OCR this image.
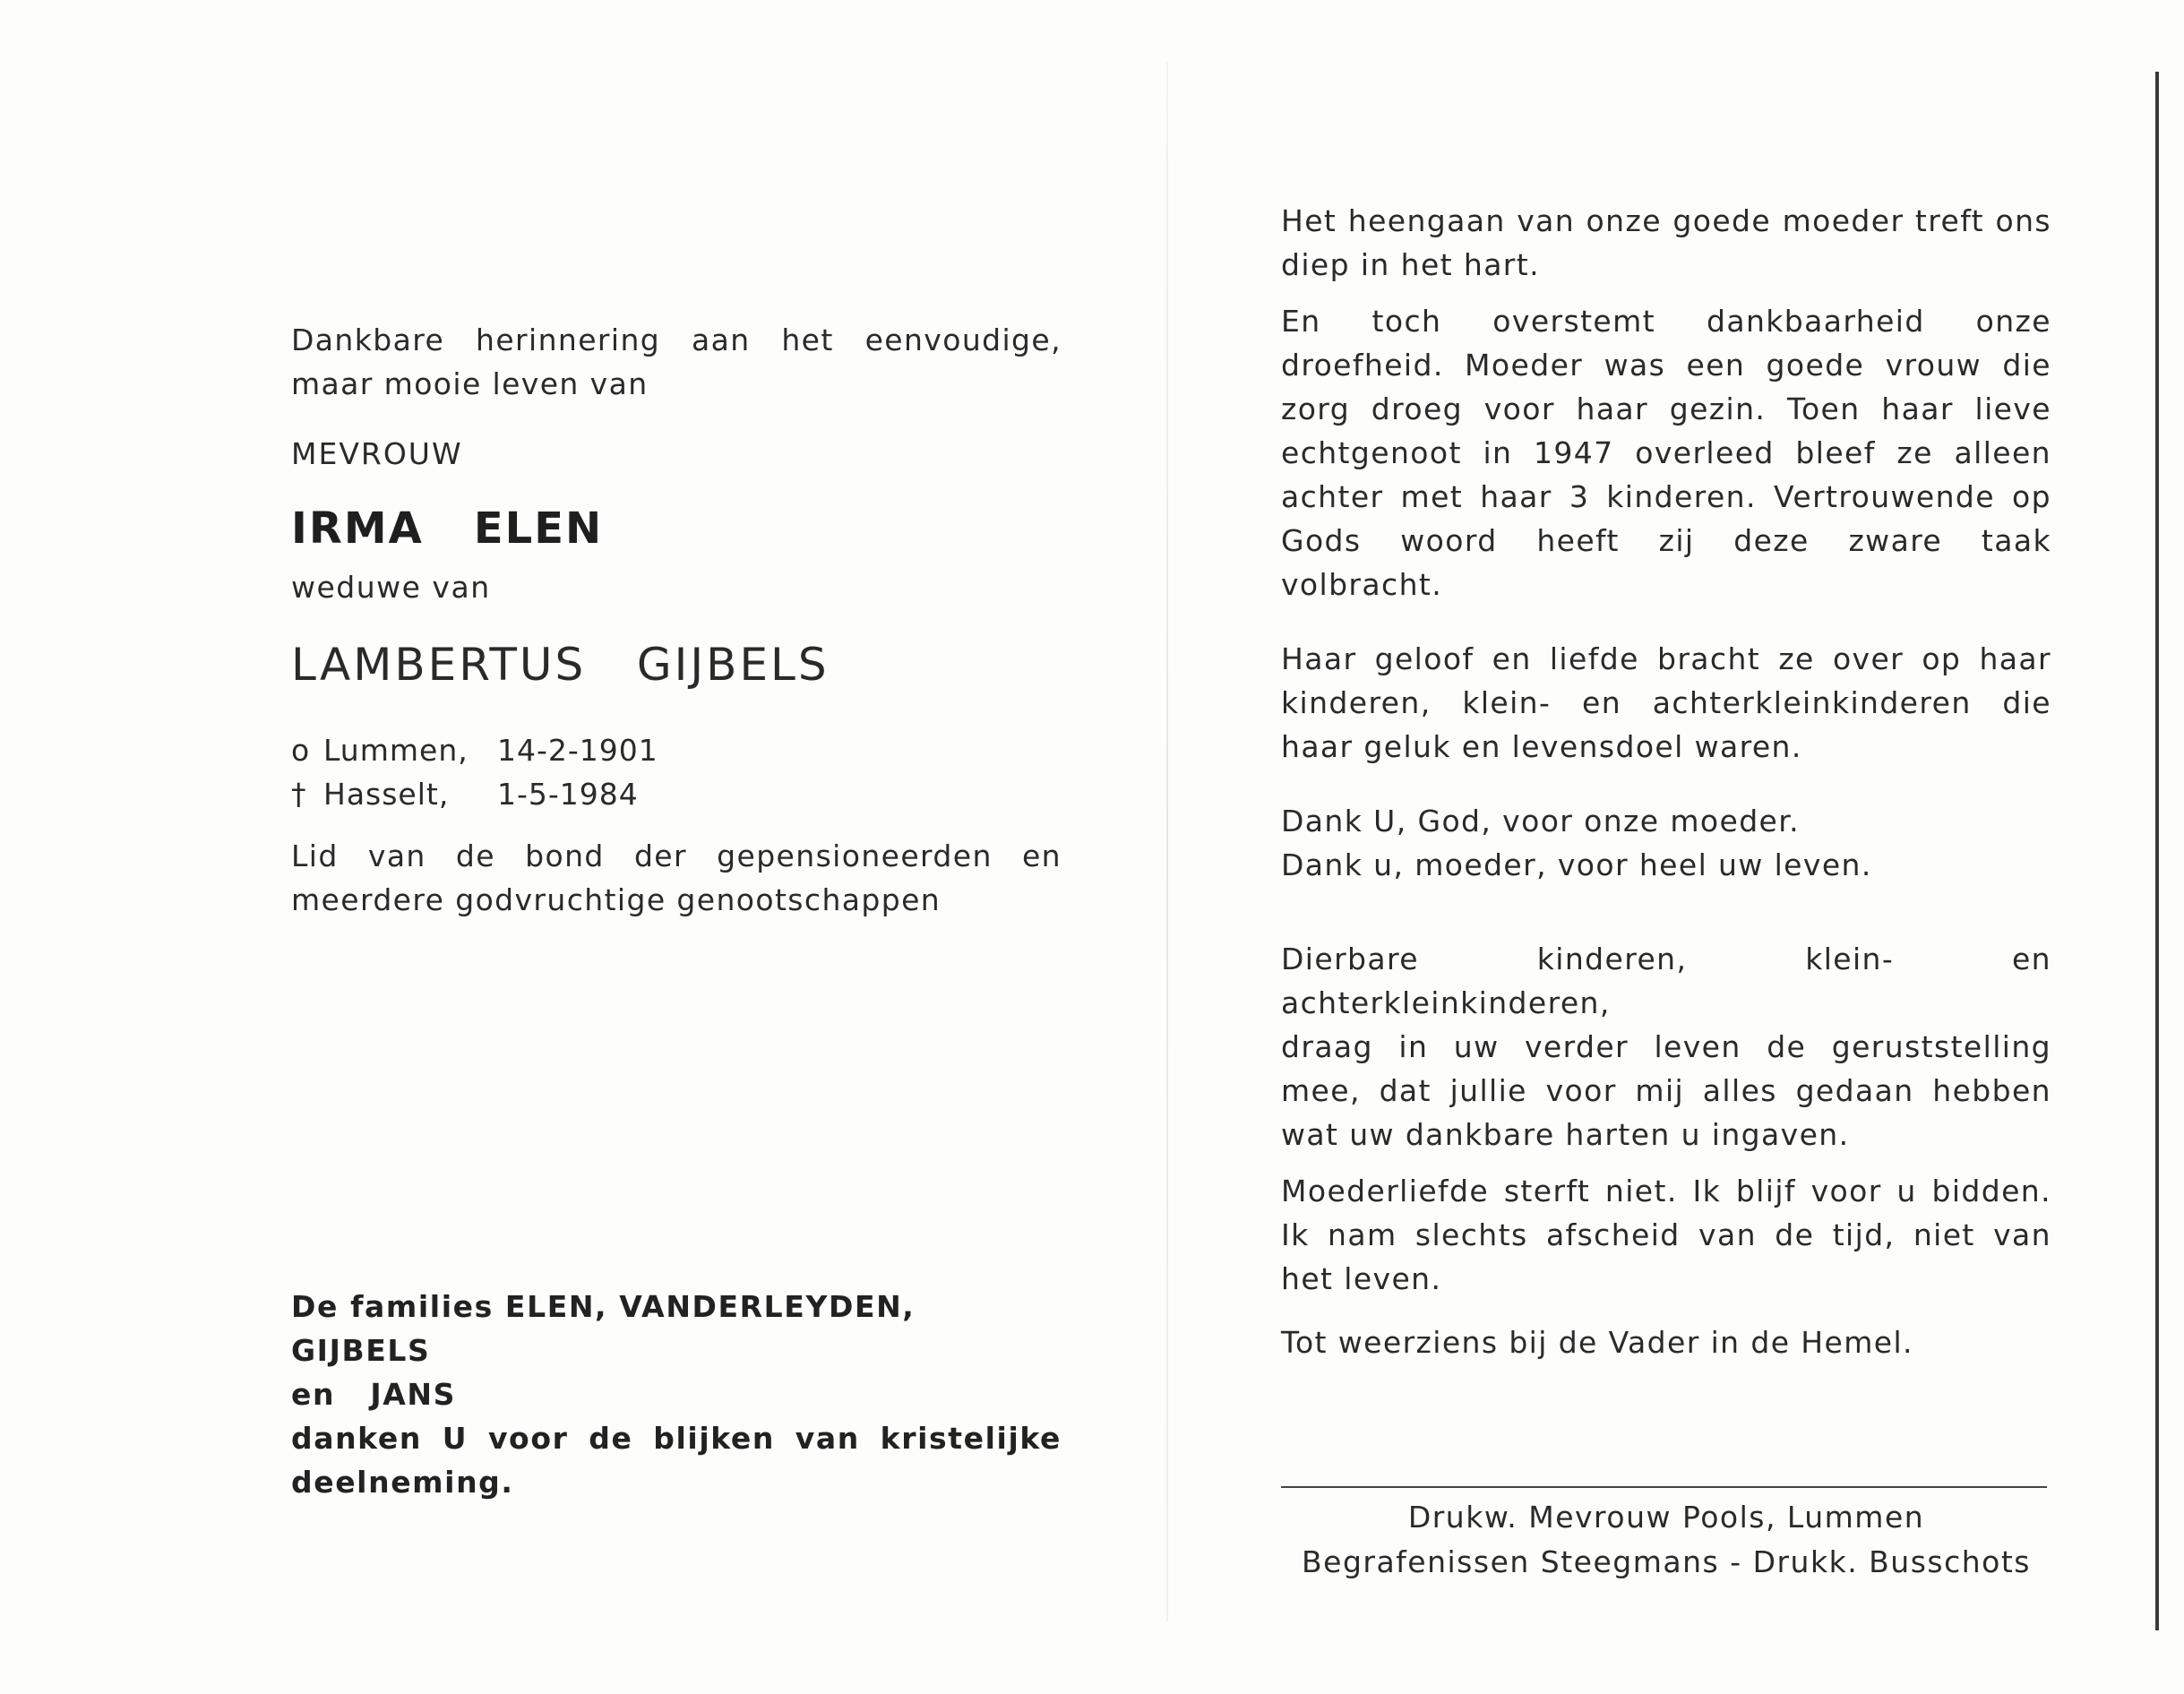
Dankbare herinnering aan het eenvoudige, maar mooie leven van

MEVROUW

IRMA   ELEN

weduwe van

LAMBERTUS   GIJBELS

o Lummen, 14-2-1901
† Hasselt,	1-5-1984

Lid van de bond der gepensioneerden en meerdere godvruchtige genootschappen

De families ELEN, VANDERLEYDEN, GIJBELS

en   JANS

danken U voor de blijken van kristelijke deelneming.

Het heengaan van onze goede moeder treft ons diep in het hart.

En toch overstemt dankbaarheid onze droefheid. Moeder was een goede vrouw die zorg droeg voor haar gezin. Toen haar lieve echtgenoot in 1947 overleed bleef ze alleen achter met haar 3 kinderen. Vertrouwende op Gods woord heeft zij deze zware taak volbracht.

Haar geloof en liefde bracht ze over op haar kinderen, klein- en achterkleinkinderen die haar geluk en levensdoel waren.

Dank U, God, voor onze moeder.

Dank u, moeder, voor heel uw leven.

Dierbare kinderen, klein- en achterkleinkinderen,

draag in uw verder leven de geruststelling mee, dat jullie voor mij alles gedaan hebben wat uw dankbare harten u ingaven.

Moederliefde sterft niet. Ik blijf voor u bidden. Ik nam slechts afscheid van de tijd, niet van het leven.

Tot weerziens bij de Vader in de Hemel.

Drukw. Mevrouw Pools, Lummen

Begrafenissen Steegmans - Drukk. Busschots
